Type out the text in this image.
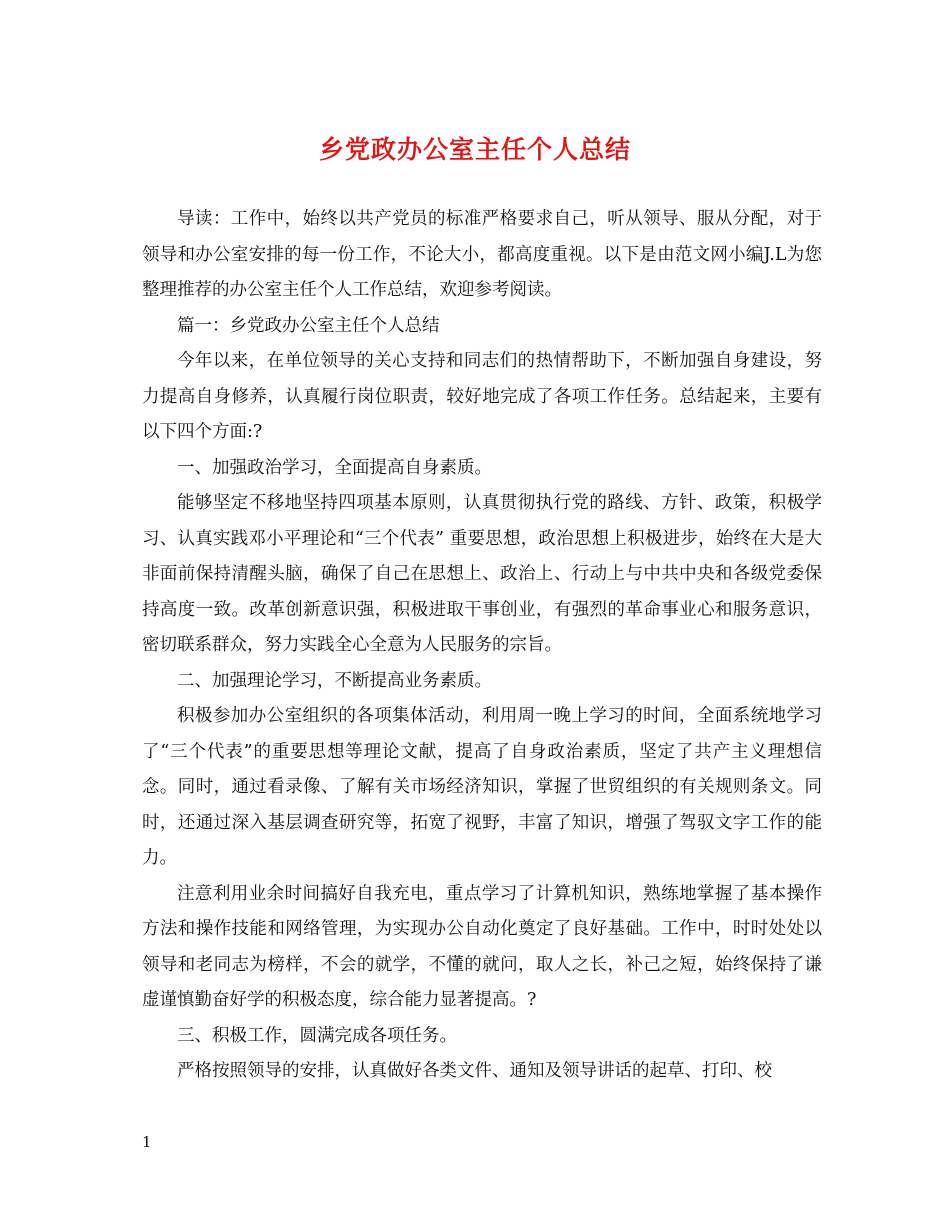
乡党政办公室主任个人总结

导读：工作中，始终以共产党员的标准严格要求自己，听从领导、服从分配，对于领导和办公室安排的每一份工作，不论大小，都高度重视。以下是由范文网小编J.L为您整理推荐的办公室主任个人工作总结，欢迎参考阅读。

篇一：乡党政办公室主任个人总结

今年以来，在单位领导的关心支持和同志们的热情帮助下，不断加强自身建设，努力提高自身修养，认真履行岗位职责，较好地完成了各项工作任务。总结起来，主要有以下四个方面:?

一、加强政治学习，全面提高自身素质。

能够坚定不移地坚持四项基本原则，认真贯彻执行党的路线、方针、政策，积极学习、认真实践邓小平理论和“三个代表” 重要思想，政治思想上积极进步，始终在大是大非面前保持清醒头脑，确保了自己在思想上、政治上、行动上与中共中央和各级党委保持高度一致。改革创新意识强，积极进取干事创业，有强烈的革命事业心和服务意识，密切联系群众，努力实践全心全意为人民服务的宗旨。

二、加强理论学习，不断提高业务素质。

积极参加办公室组织的各项集体活动，利用周一晚上学习的时间，全面系统地学习了“三个代表”的重要思想等理论文献，提高了自身政治素质，坚定了共产主义理想信念。同时，通过看录像、了解有关市场经济知识，掌握了世贸组织的有关规则条文。同时，还通过深入基层调查研究等，拓宽了视野，丰富了知识，增强了驾驭文字工作的能力。

注意利用业余时间搞好自我充电，重点学习了计算机知识，熟练地掌握了基本操作方法和操作技能和网络管理，为实现办公自动化奠定了良好基础。工作中，时时处处以领导和老同志为榜样，不会的就学，不懂的就问，取人之长，补己之短，始终保持了谦虚谨慎勤奋好学的积极态度，综合能力显著提高。?

三、积极工作，圆满完成各项任务。

严格按照领导的安排，认真做好各类文件、通知及领导讲话的起草、打印、校

1
